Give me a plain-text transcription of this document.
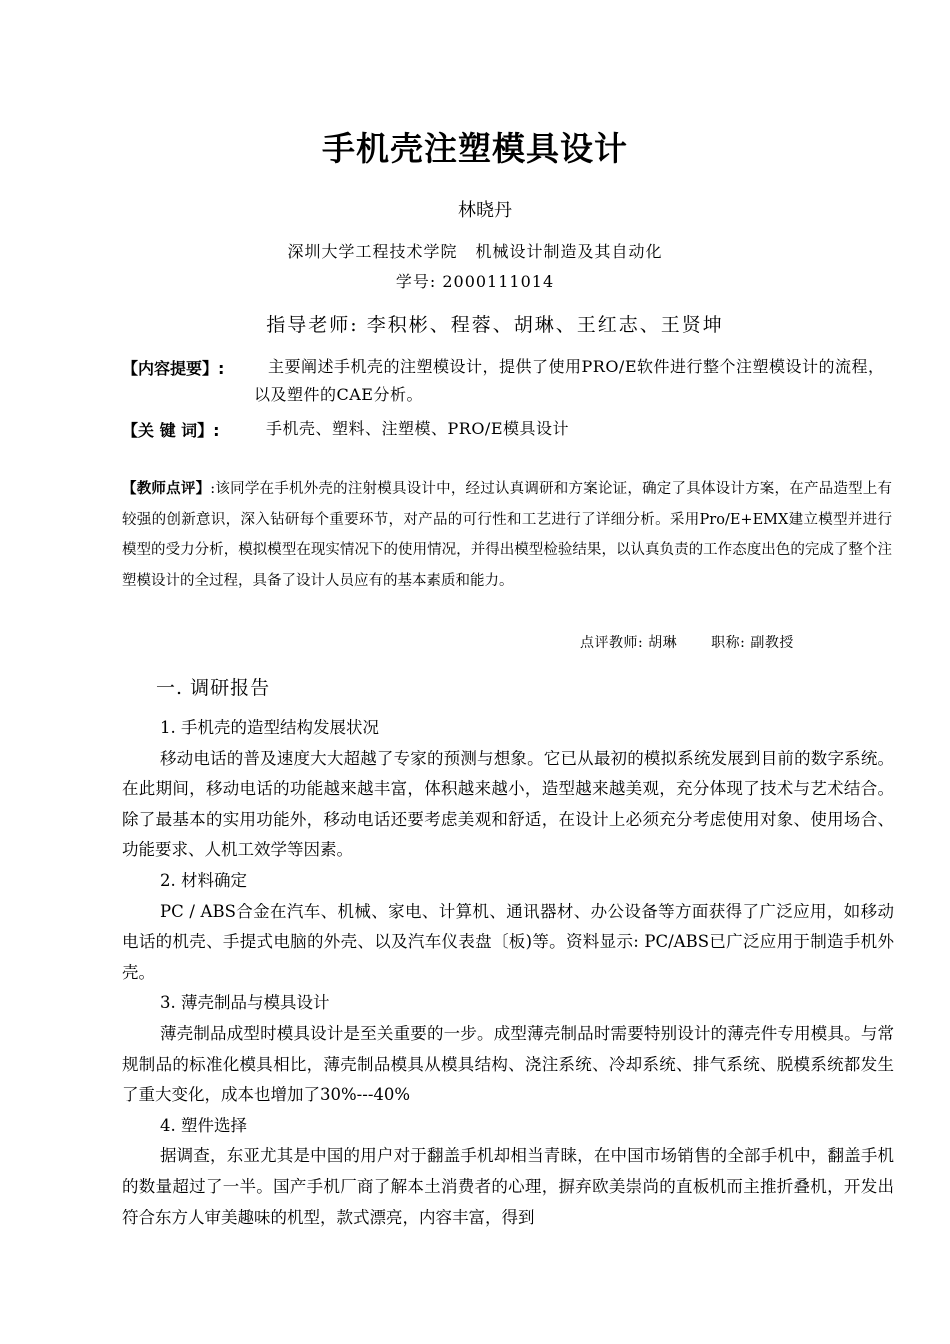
手机壳注塑模具设计
林晓丹
深圳大学工程技术学院 机械设计制造及其自动化
学号: 2000111014
指导老师: 李积彬、程蓉、胡琳、王红志、王贤坤
【内容提要】:	主要阐述手机壳的注塑模设计，提供了使用PRO/E软件进行整个注塑模设计的流程，以及塑件的CAE分析。
【关 键 词】:	手机壳、塑料、注塑模、PRO/E模具设计
【教师点评】:该同学在手机外壳的注射模具设计中，经过认真调研和方案论证，确定了具体设计方案，在产品造型上有较强的创新意识，深入钻研每个重要环节，对产品的可行性和工艺进行了详细分析。采用Pro/E+EMX建立模型并进行模型的受力分析，模拟模型在现实情况下的使用情况，并得出模型检验结果，以认真负责的工作态度出色的完成了整个注塑模设计的全过程，具备了设计人员应有的基本素质和能力。
点评教师: 胡琳 职称: 副教授
一. 调研报告

1. 手机壳的造型结构发展状况

移动电话的普及速度大大超越了专家的预测与想象。它已从最初的模拟系统发展到目前的数字系统。在此期间，移动电话的功能越来越丰富，体积越来越小，造型越来越美观，充分体现了技术与艺术结合。除了最基本的实用功能外，移动电话还要考虑美观和舒适，在设计上必须充分考虑使用对象、使用场合、功能要求、人机工效学等因素。

2. 材料确定

PC / ABS合金在汽车、机械、家电、计算机、通讯器材、办公设备等方面获得了广泛应用，如移动电话的机壳、手提式电脑的外壳、以及汽车仪表盘〔板)等。资料显示: PC/ABS已广泛应用于制造手机外壳。

3. 薄壳制品与模具设计

薄壳制品成型时模具设计是至关重要的一步。成型薄壳制品时需要特别设计的薄壳件专用模具。与常规制品的标准化模具相比，薄壳制品模具从模具结构、浇注系统、冷却系统、排气系统、脱模系统都发生了重大变化，成本也增加了30%---40%

4. 塑件选择

据调查，东亚尤其是中国的用户对于翻盖手机却相当青睐，在中国市场销售的全部手机中，翻盖手机的数量超过了一半。国产手机厂商了解本土消费者的心理，摒弃欧美崇尚的直板机而主推折叠机，开发出符合东方人审美趣味的机型，款式漂亮，内容丰富，得到
